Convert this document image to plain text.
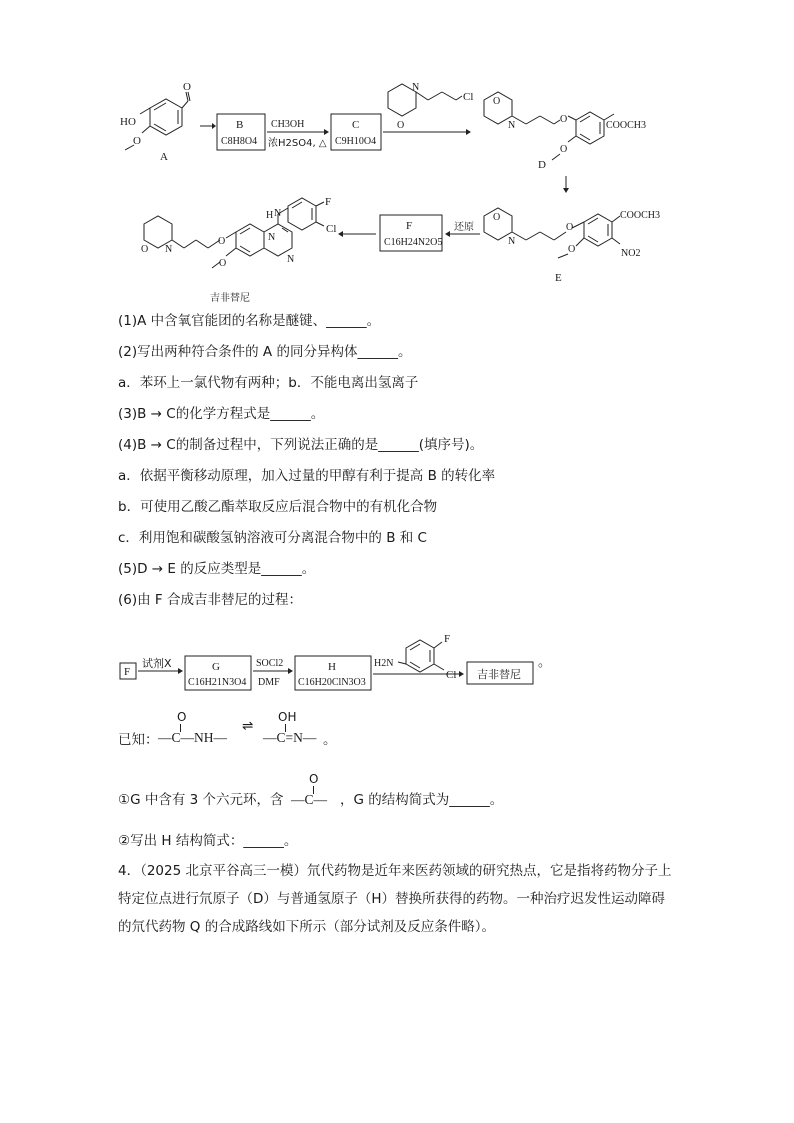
HO
O
O
A
B
C8H8O4
CH3OH
浓H2SO4, △
C
C9H10O4
O
N
Cl O
N
O
O
COOCH3
D
O
N
O
O
COOCH3
NO2
E
还原
F
C16H24N2O5
O N
O
O
N
N
H N
F
Cl
吉非替尼
(1)A 中含氧官能团的名称是醚键、______。
(2)写出两种符合条件的 A 的同分异构体______。
a．苯环上一氯代物有两种；b．不能电离出氢离子
(3)B → C的化学方程式是______。
(4)B → C的制备过程中，下列说法正确的是______(填序号)。
a．依据平衡移动原理，加入过量的甲醇有利于提高 B 的转化率
b．可使用乙酸乙酯萃取反应后混合物中的有机化合物
c．利用饱和碳酸氢钠溶液可分离混合物中的 B 和 C
(5)D → E 的反应类型是______。
(6)由 F 合成吉非替尼的过程：
F
试剂X	G
C16H21N3O4
SOCl2
DMF
H
C16H20ClN3O3
H2N
F
Cl 吉非替尼
。
已知：
O
—C—NH—
⇌
OH
—C=N— 。
①G 中含有 3 个六元环，含
O
—C— ，G 的结构简式为______。
②写出 H 结构简式：______。
4．（2025 北京平谷高三一模）氘代药物是近年来医药领域的研究热点，它是指将药物分子上特定位点进行氘原子（D）与普通氢原子（H）替换所获得的药物。一种治疗迟发性运动障碍的氘代药物 Q 的合成路线如下所示（部分试剂及反应条件略）。
